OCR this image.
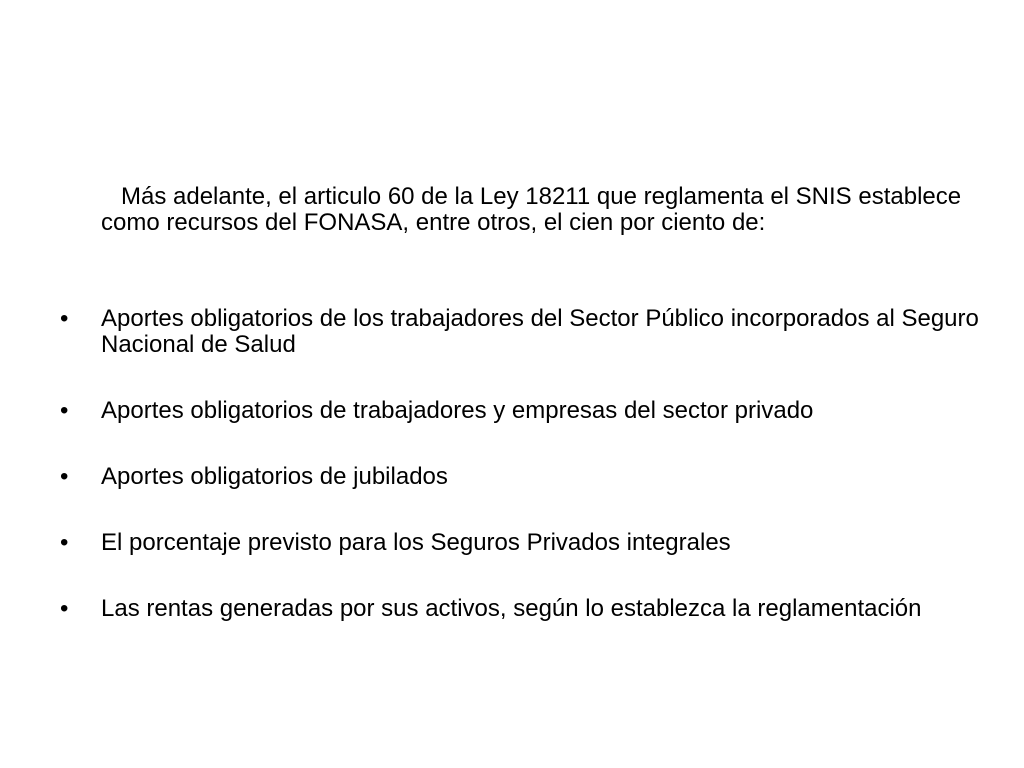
Más adelante, el articulo 60 de la Ley 18211 que reglamenta el SNIS establece como recursos del FONASA, entre otros, el cien por ciento de:

• Aportes obligatorios de los trabajadores del Sector Público incorporados al Seguro Nacional de Salud
• Aportes obligatorios de trabajadores y empresas del sector privado
• Aportes obligatorios de jubilados
• El porcentaje previsto para los Seguros Privados integrales
• Las rentas generadas por sus activos, según lo establezca la reglamentación
